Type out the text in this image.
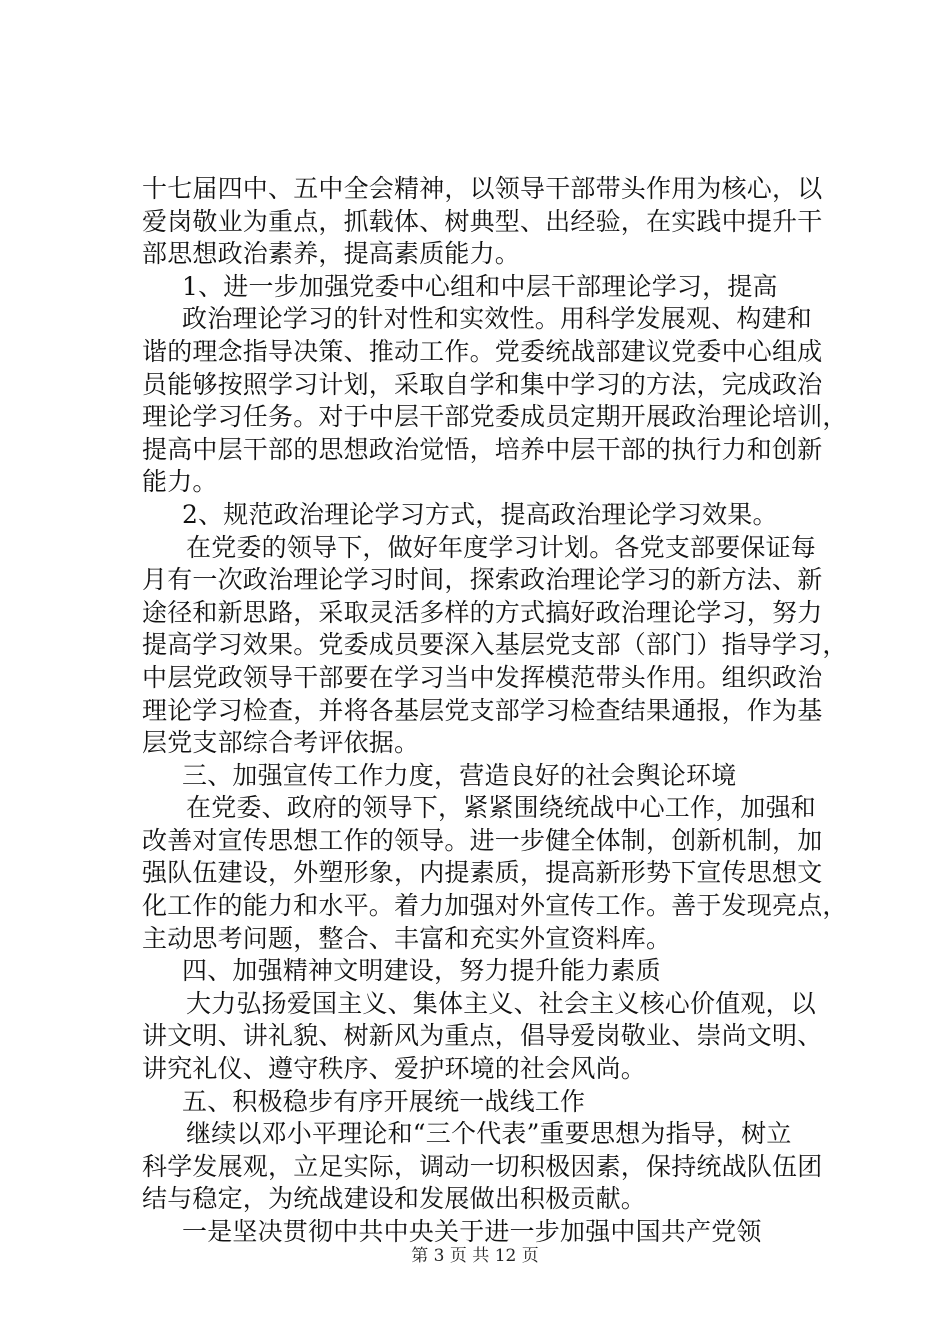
十七届四中、五中全会精神，以领导干部带头作用为核心，以
爱岗敬业为重点，抓载体、树典型、出经验，在实践中提升干
部思想政治素养，提高素质能力。
1、进一步加强党委中心组和中层干部理论学习，提高
政治理论学习的针对性和实效性。用科学发展观、构建和
谐的理念指导决策、推动工作。党委统战部建议党委中心组成
员能够按照学习计划，采取自学和集中学习的方法，完成政治
理论学习任务。对于中层干部党委成员定期开展政治理论培训，
提高中层干部的思想政治觉悟，培养中层干部的执行力和创新
能力。
2、规范政治理论学习方式，提高政治理论学习效果。
在党委的领导下，做好年度学习计划。各党支部要保证每
月有一次政治理论学习时间，探索政治理论学习的新方法、新
途径和新思路，采取灵活多样的方式搞好政治理论学习，努力
提高学习效果。党委成员要深入基层党支部（部门）指导学习，
中层党政领导干部要在学习当中发挥模范带头作用。组织政治
理论学习检查，并将各基层党支部学习检查结果通报，作为基
层党支部综合考评依据。
三、加强宣传工作力度，营造良好的社会舆论环境
在党委、政府的领导下，紧紧围绕统战中心工作，加强和
改善对宣传思想工作的领导。进一步健全体制，创新机制，加
强队伍建设，外塑形象，内提素质，提高新形势下宣传思想文
化工作的能力和水平。着力加强对外宣传工作。善于发现亮点，
主动思考问题，整合、丰富和充实外宣资料库。
四、加强精神文明建设，努力提升能力素质
大力弘扬爱国主义、集体主义、社会主义核心价值观，以
讲文明、讲礼貌、树新风为重点，倡导爱岗敬业、崇尚文明、
讲究礼仪、遵守秩序、爱护环境的社会风尚。
五、积极稳步有序开展统一战线工作
继续以邓小平理论和“三个代表”重要思想为指导，树立
科学发展观，立足实际，调动一切积极因素，保持统战队伍团
结与稳定，为统战建设和发展做出积极贡献。
一是坚决贯彻中共中央关于进一步加强中国共产党领
第 3 页 共 12 页
